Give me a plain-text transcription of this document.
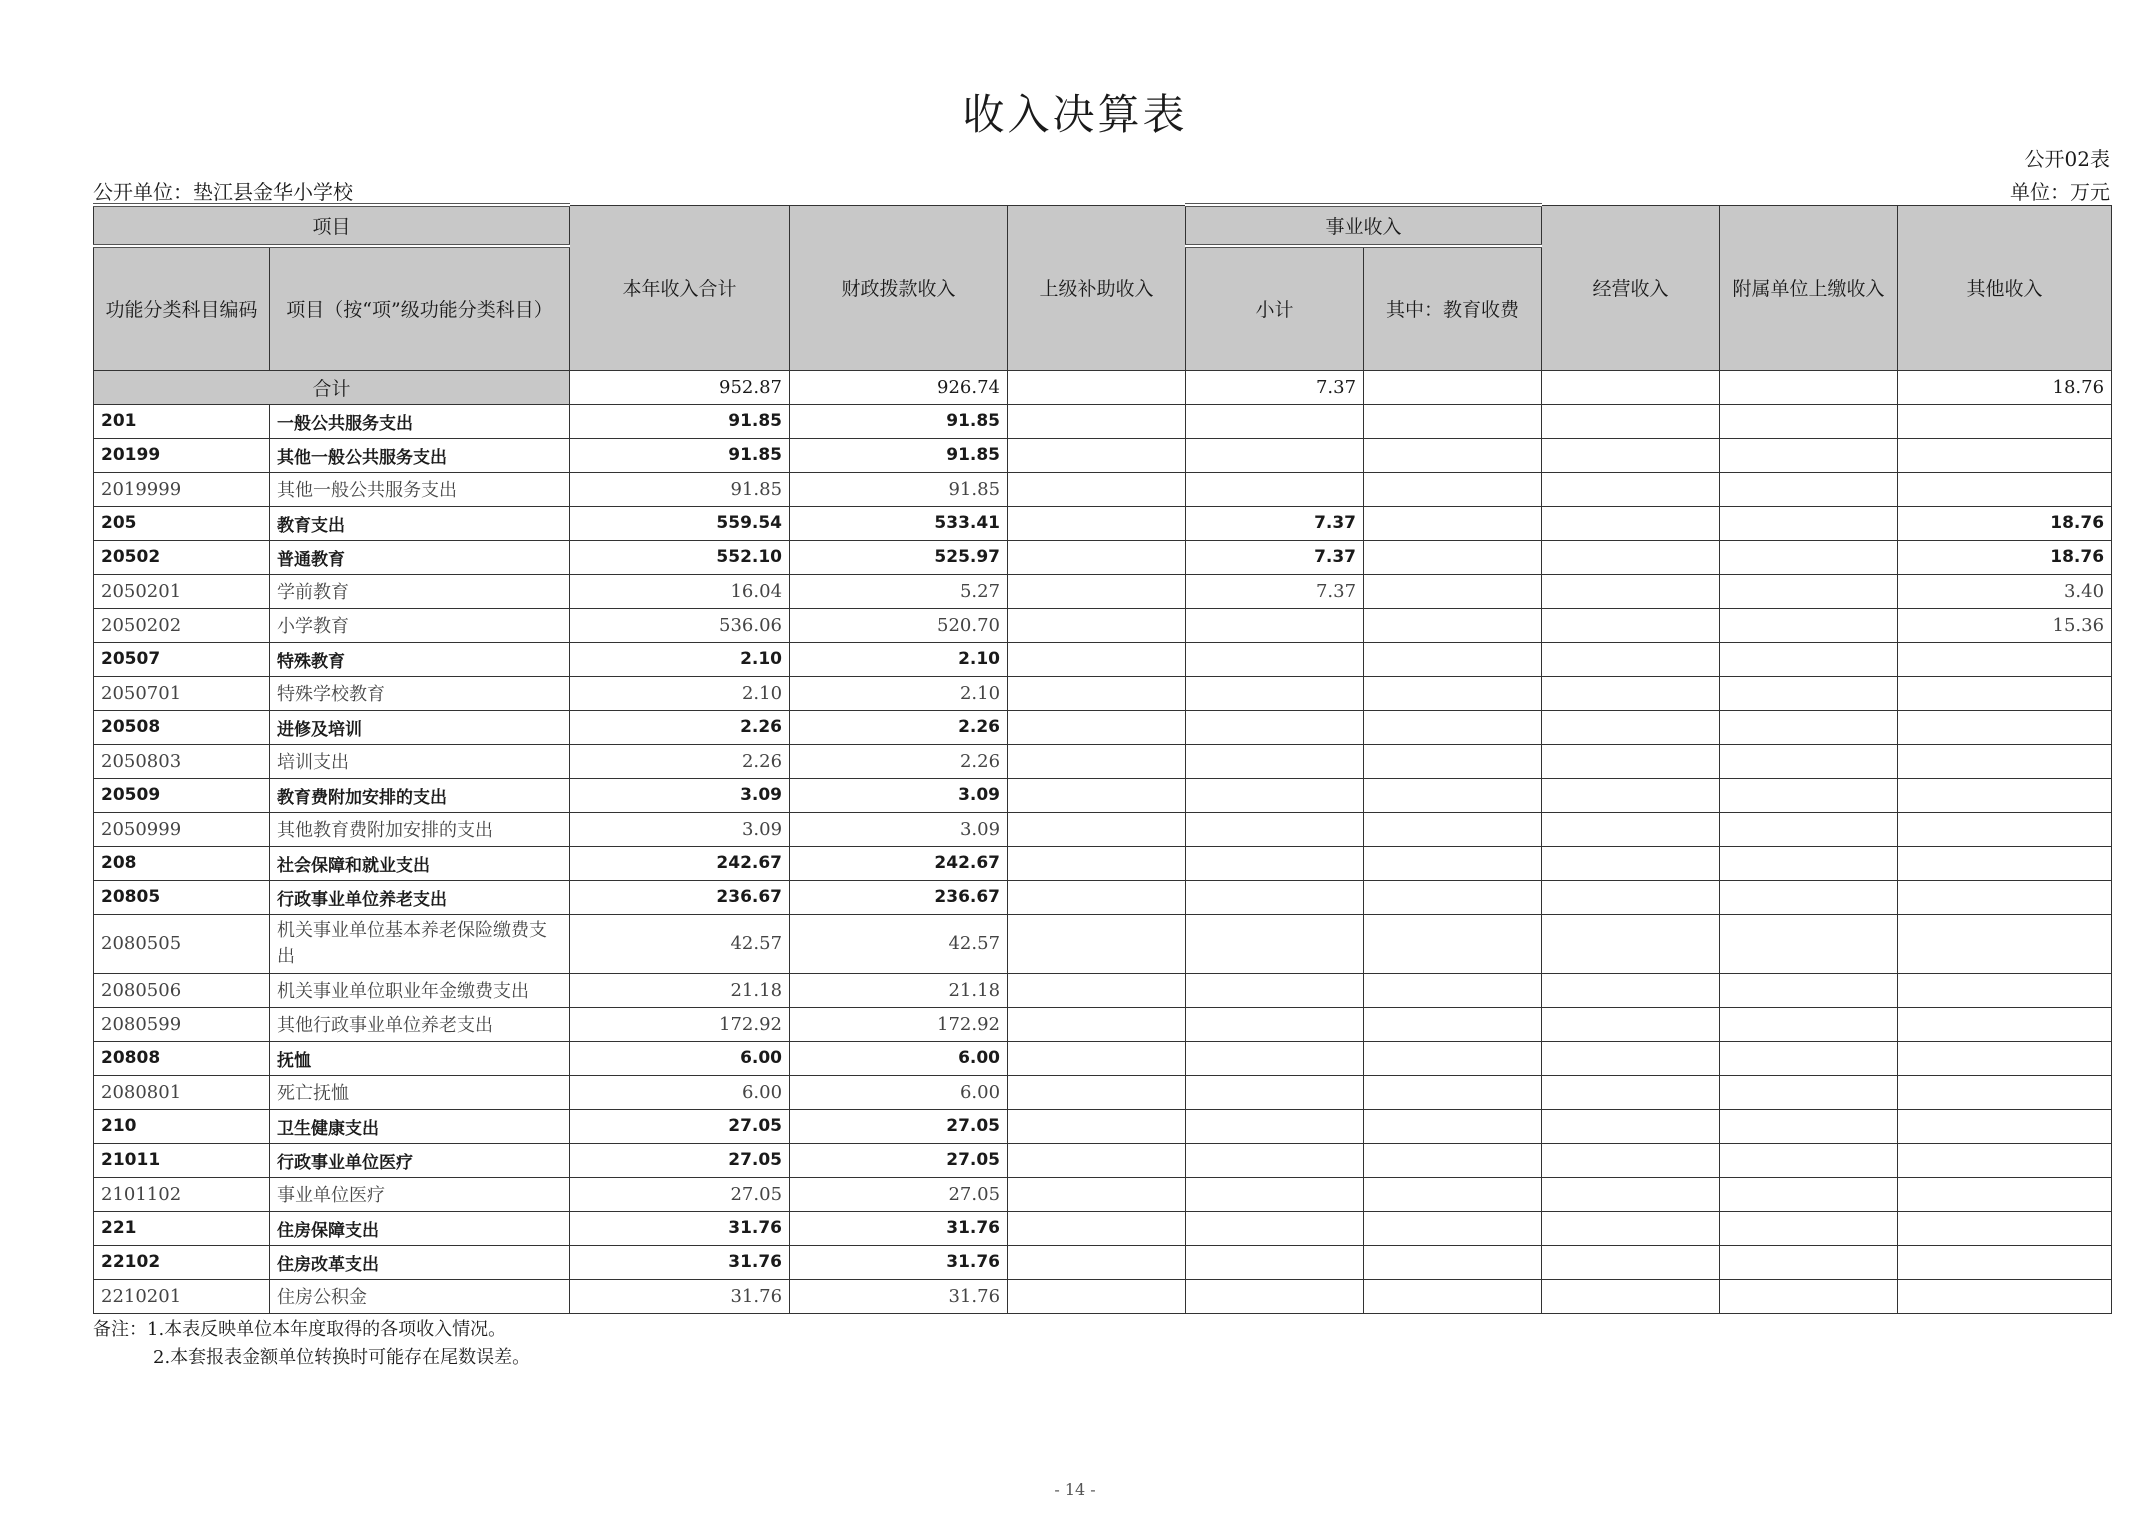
收入决算表
公开02表
公开单位：垫江县金华小学校	单位：万元
项目		本年收入合计	财政拨款收入	上级补助收入	事业收入		经营收入	附属单位上缴收入	其他收入
功能分类科目编码	项目（按“项”级功能分类科目）				小计	其中：教育收费			

合计		952.87	926.74		7.37				18.76
201	一般公共服务支出	91.85	91.85						
20199	其他一般公共服务支出	91.85	91.85						
2019999	其他一般公共服务支出	91.85	91.85						
205	教育支出	559.54	533.41		7.37				18.76
20502	普通教育	552.10	525.97		7.37				18.76
2050201	学前教育	16.04	5.27		7.37				3.40
2050202	小学教育	536.06	520.70						15.36
20507	特殊教育	2.10	2.10						
2050701	特殊学校教育	2.10	2.10						
20508	进修及培训	2.26	2.26						
2050803	培训支出	2.26	2.26						
20509	教育费附加安排的支出	3.09	3.09						
2050999	其他教育费附加安排的支出	3.09	3.09						
208	社会保障和就业支出	242.67	242.67						
20805	行政事业单位养老支出	236.67	236.67						
2080505	机关事业单位基本养老保险缴费支出	42.57	42.57						
2080506	机关事业单位职业年金缴费支出	21.18	21.18						
2080599	其他行政事业单位养老支出	172.92	172.92						
20808	抚恤	6.00	6.00						
2080801	死亡抚恤	6.00	6.00						
210	卫生健康支出	27.05	27.05						
21011	行政事业单位医疗	27.05	27.05						
2101102	事业单位医疗	27.05	27.05						
221	住房保障支出	31.76	31.76						
22102	住房改革支出	31.76	31.76						
2210201	住房公积金	31.76	31.76						
备注：1.本表反映单位本年度取得的各项收入情况。
2.本套报表金额单位转换时可能存在尾数误差。
- 14 -
